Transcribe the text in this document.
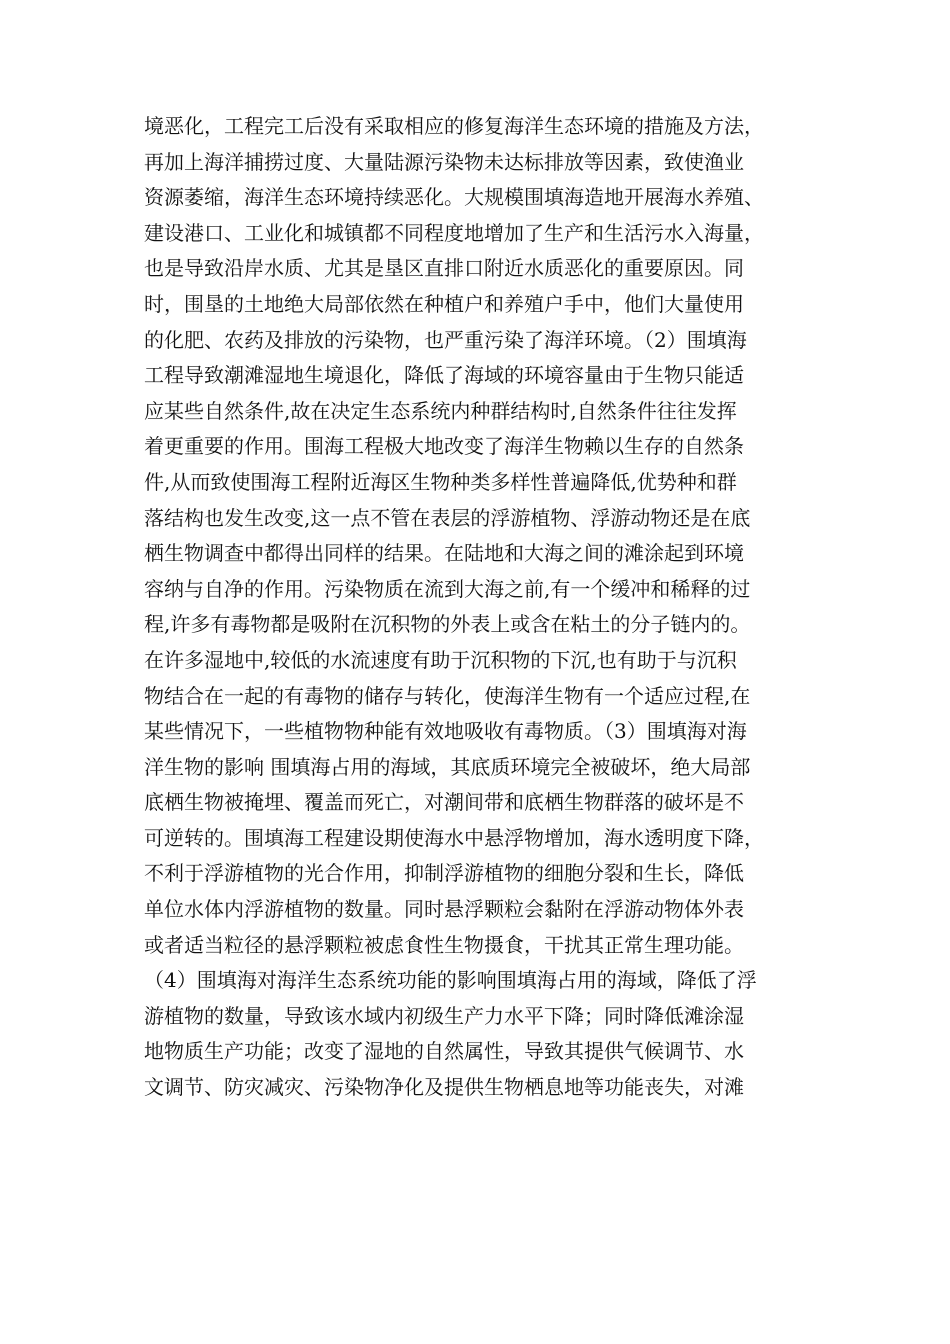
境恶化，工程完工后没有采取相应的修复海洋生态环境的措施及方法，
再加上海洋捕捞过度、大量陆源污染物未达标排放等因素，致使渔业
资源萎缩，海洋生态环境持续恶化。大规模围填海造地开展海水养殖、
建设港口、工业化和城镇都不同程度地增加了生产和生活污水入海量，
也是导致沿岸水质、尤其是垦区直排口附近水质恶化的重要原因。同
时，围垦的土地绝大局部依然在种植户和养殖户手中，他们大量使用
的化肥、农药及排放的污染物，也严重污染了海洋环境。（2）围填海
工程导致潮滩湿地生境退化，降低了海域的环境容量由于生物只能适
应某些自然条件,故在决定生态系统内种群结构时,自然条件往往发挥
着更重要的作用。围海工程极大地改变了海洋生物赖以生存的自然条
件,从而致使围海工程附近海区生物种类多样性普遍降低,优势种和群
落结构也发生改变,这一点不管在表层的浮游植物、浮游动物还是在底
栖生物调查中都得出同样的结果。在陆地和大海之间的滩涂起到环境
容纳与自净的作用。污染物质在流到大海之前,有一个缓冲和稀释的过
程,许多有毒物都是吸附在沉积物的外表上或含在粘土的分子链内的。
在许多湿地中,较低的水流速度有助于沉积物的下沉,也有助于与沉积
物结合在一起的有毒物的储存与转化，使海洋生物有一个适应过程,在
某些情况下，一些植物物种能有效地吸收有毒物质。（3）围填海对海
洋生物的影响 围填海占用的海域，其底质环境完全被破坏，绝大局部
底栖生物被掩埋、覆盖而死亡，对潮间带和底栖生物群落的破坏是不
可逆转的。围填海工程建设期使海水中悬浮物增加，海水透明度下降，
不利于浮游植物的光合作用，抑制浮游植物的细胞分裂和生长，降低
单位水体内浮游植物的数量。同时悬浮颗粒会黏附在浮游动物体外表
或者适当粒径的悬浮颗粒被虑食性生物摄食，干扰其正常生理功能。
（4）围填海对海洋生态系统功能的影响围填海占用的海域，降低了浮
游植物的数量，导致该水域内初级生产力水平下降；同时降低滩涂湿
地物质生产功能；改变了湿地的自然属性，导致其提供气候调节、水
文调节、防灾减灾、污染物净化及提供生物栖息地等功能丧失，对滩
